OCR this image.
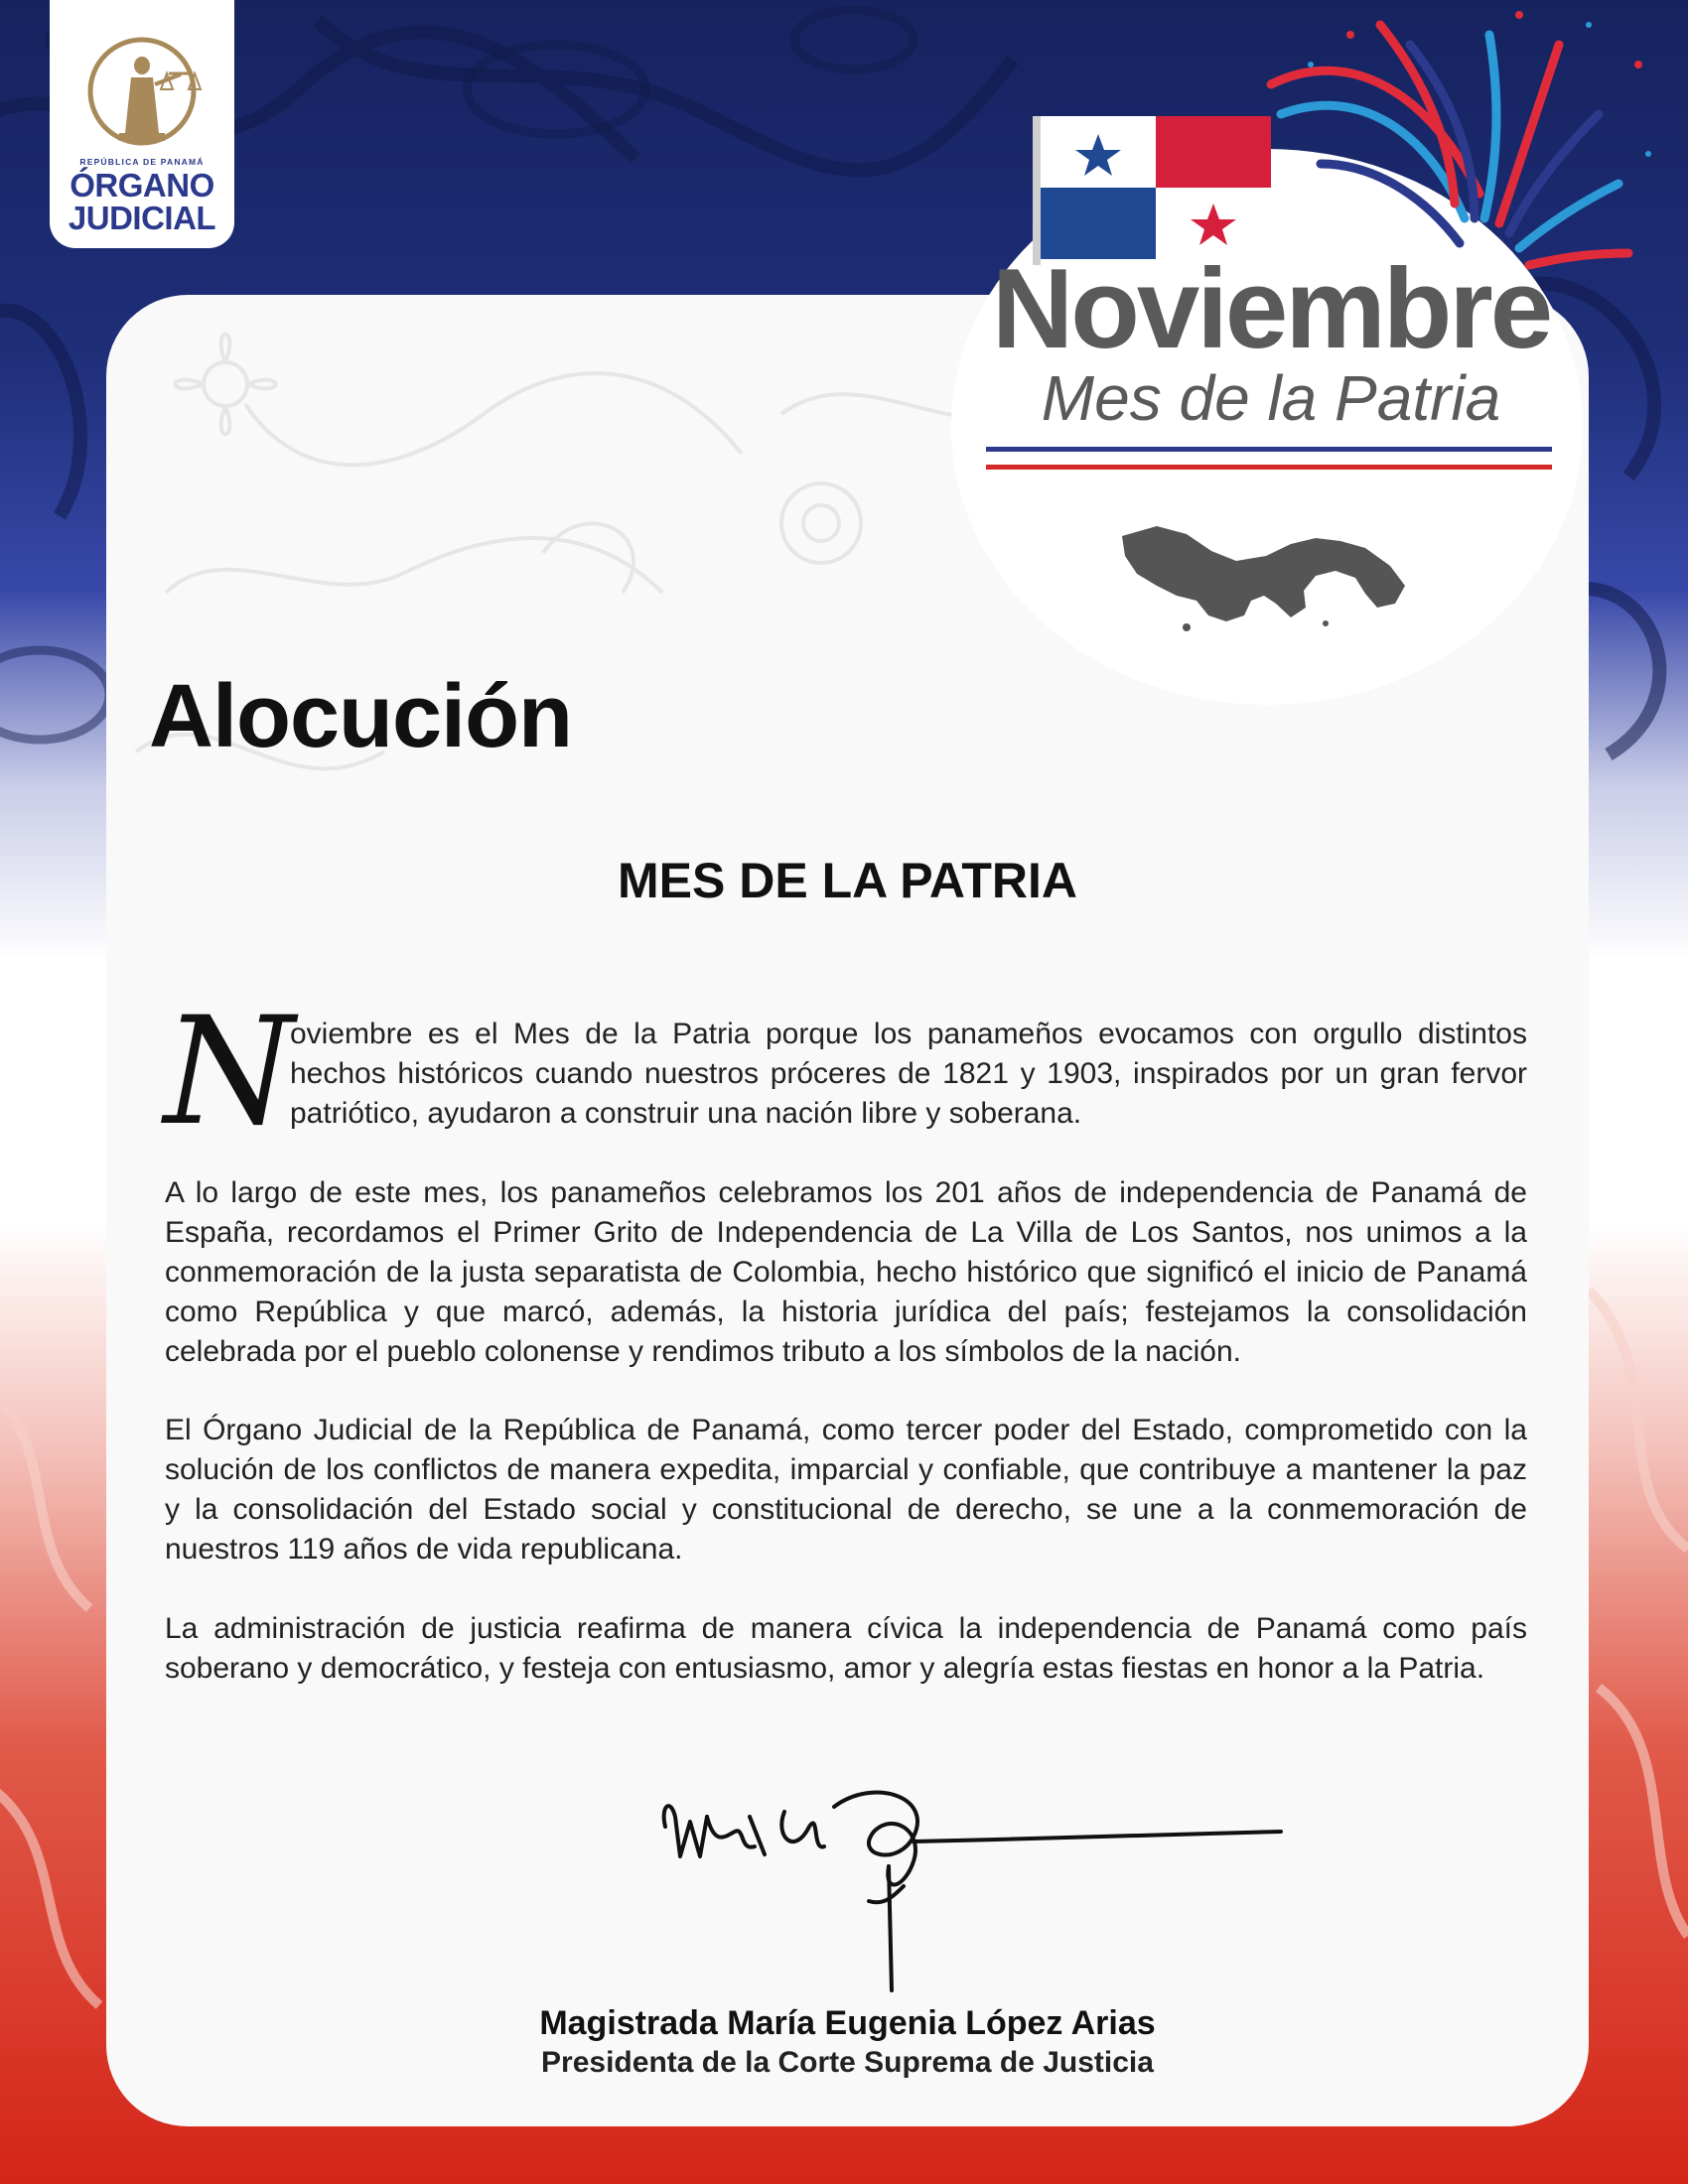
REPÚBLICA DE PANAMÁ
ÓRGANO
JUDICIAL
Noviembre
Mes de la Patria
Alocución
MES DE LA PATRIA
N

oviembre es el Mes de la Patria porque los panameños evocamos con orgullo distintos hechos históricos cuando nuestros próceres de 1821 y 1903, inspirados por un gran fervor patriótico, ayudaron a construir una nación libre y soberana.

A lo largo de este mes, los panameños celebramos los 201 años de independencia de Panamá de España, recordamos el Primer Grito de Independencia de La Villa de Los Santos, nos unimos a la conmemoración de la justa separatista de Colombia, hecho histórico que significó el inicio de Panamá como República y que marcó, además, la historia jurídica del país; festejamos la consolidación celebrada por el pueblo colonense y rendimos tributo a los símbolos de la nación.

El Órgano Judicial de la República de Panamá, como tercer poder del Estado, comprometido con la solución de los conflictos de manera expedita, imparcial y confiable, que contribuye a mantener la paz y la consolidación del Estado social y constitucional de derecho, se une a la conmemoración de nuestros 119 años de vida republicana.

La administración de justicia reafirma de manera cívica la independencia de Panamá como país soberano y democrático, y festeja con entusiasmo, amor y alegría estas fiestas en honor a la Patria.

Magistrada María Eugenia López Arias
Presidenta de la Corte Suprema de Justicia
